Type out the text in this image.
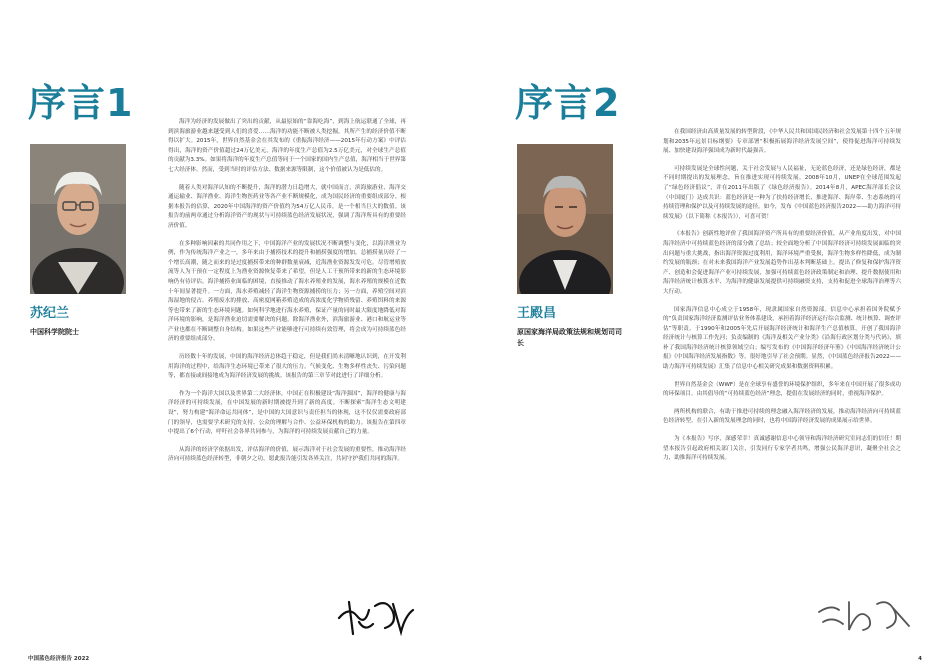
序言1
苏纪兰
中国科学院院士

海洋为经济的发展做出了突出的贡献，从最原始的“靠海吃海”，到海上航运联通了全球，再到滨海旅游业越来越受到人们的喜爱……海洋的功能不断被人类挖掘，其所产生的经济价值不断得以扩大。2015年，世界自然基金会在其发布的《重振海洋经济——2015年行动方案》中评估得出，海洋的资产价值超过24万亿美元，海洋的年度生产总值为2.5万亿美元，对全球生产总值的贡献为3.3%。如果将海洋的年度生产总值等同于一个国家的国内生产总值，海洋相当于世界第七大经济体。然而，受到当时的评估方法、数据来源等限制，这个价值被认为是低估的。

随着人类对海洋认知的不断提升，海洋的潜力日趋增大，就中国而言，滨海旅游业、海洋交通运输业、海洋渔业、海洋生物医药业等各产业不断规模化，成为国民经济的重要组成部分。根据本报告的估算，2020年中国海洋的资产价值约为54万亿人民币，是一个相当巨大的数值。该报告的前两章通过分析海洋资产的现状与可持续蓝色经济发展状况，强调了海洋所具有的重要经济价值。

在多种影响因素的共同作用之下，中国海洋产业的发展状况不断调整与变化，以海洋渔业为例，作为传统海洋产业之一，多年来由于捕捞技术的提升和捕捞强度的增加，总捕捞量历经了一个增长高潮，随之而来的是过度捕捞带来的种群数量衰减，近海渔业资源发发可危。尽管增殖放流等人为干预在一定程度上为渔业资源恢复带来了希望，但是人工干预所带来的新的生态环境影响仍有待评估。海洋捕捞业面临的困境，直接推动了海水养殖业的发展，海水养殖的规模在近数十年间显著提升。一方面，海水养殖减轻了海洋生物资源捕捞的压力；另一方面，养殖空间对滨海湿地的侵占、养殖废水的排放、高密度网箱养殖造成的高浓度化学物质残留、养殖饵料的来源等也带来了新的生态环境问题。如何科学地进行海水养殖，保证产量的同时最大限度地降低对海洋环境的影响，是海洋渔业迫切需要解决的问题。除海洋渔业外，滨海旅游业、港口和航运业等产业也都在不断调整自身结构。如果这些产业能够进行可持续有效管理，将会成为可持续蓝色经济的重要组成部分。

历经数十年的发展，中国的海洋经济总体趋于稳定，但是我们尚未清晰地认识到，在开发利用海洋的过程中，给海洋生态环境已带来了很大的压力。气候变化、生物多样性丧失、污染问题等，都直接或间接地成为海洋经济发展的挑战。该报告的第三章节对此进行了详细分析。

作为一个海洋大国以及世界第二大经济体，中国正在积极建设“海洋强国”，海洋的健康与海洋经济的可持续发展，在中国发展的新时期被提升到了新的高度。不断探索“海洋生态文明建设”，努力构建“海洋命运共同体”，是中国的大国意识与责任担当的体现，这不仅仅需要政府部门的领导，也需要学术研究的支持、公众的理解与合作、公益环保机构的助力。该报告在第四章中提出了6个行动，呼吁社会各界共同参与，为海洋的可持续发展贡献自己的力量。

从海洋的经济学依据出发，评估海洋的价值，展示海洋对于社会发展的重要性，推动海洋经济向可持续蓝色经济转型，非朝夕之功，愿此报告能引发各界关注，共同守护我们共同的海洋。

中国蓝色经济报告 2022
序言2
王殿昌
原国家海洋局政策法规和规划司司长

在我国经济由高质量发展的转型阶段，《中华人民共和国国民经济和社会发展第十四个五年规划和2035年远景目标纲要》专章部署“积极拓展海洋经济发展空间”，使得促进海洋可持续发展、加快建设海洋强国成为新时代最强音。

可持续发展是全球性问题，关于社会发展与人民福祉，无论蓝色经济，还是绿色经济，都是不同时期提出的发展理念，旨在推进实现可持续发展。2008年10月，UNEP在全球范围发起了“绿色经济倡议”，并在2011年出版了《绿色经济报告》。2014年8月，APEC海洋部长会议（中国厦门）达成共识：蓝色经济是一种为了扶持经济增长，推进海洋、海岸带、生态系统的可持续管理和保护以及可持续发展的途径。如今，发布《中国蓝色经济报告2022——助力海洋可持续发展》（以下简称《本报告》），可喜可贺！

《本报告》创新性地评价了我国海洋资产所具有的重要经济价值，从产业角度出发，对中国海洋经济中可持续蓝色经济的部分做了总结；较全面地分析了中国海洋经济可持续发展面临的突出问题与重大挑战，指出海洋资源过度利用，海洋环境严重受损，海洋生物多样性降低，成为制约发展的瓶颈；在对未来我国海洋产业发展趋势作出基本判断基础上，提出了修复和保护海洋资产、创造和会促进海洋产业可持续发展，加强可持续蓝色经济政策制定和治理、提升数据使用和海洋经济统计核算水平、为海洋的健康发展提供可持续融资支持，支持和促进全球海洋治理等六大行动。

国家海洋信息中心成立于1958年，现隶属国家自然资源部。信息中心承担着国务院赋予的“负责国家海洋经济监测评估业务体系建设，承担着海洋经济运行综合监测、统计核算、调查评估”等职责。于1990年和2005年先后开展海洋经济统计和海洋生产总值核算。开创了我国海洋经济统计与核算工作先河；负责编制的《海洋及相关产业分类》《沿海行政区划分类与代码》，填补了我国海洋经济统计核算领域空白；编写发布的《中国海洋经济年鉴》《中国海洋经济统计公报》《中国海洋经济发展指数》等，很好地引导了社会预期。显然，《中国蓝色经济报告2022——助力海洋可持续发展》汇集了信息中心相关研究成果和数据资料积累。

世界自然基金会（WWF）是在全球享有盛誉的环境保护组织，多年来在中国开展了很多成功的环保项目。由其倡导的“可持续蓝色经济”理念，提倡在发展经济的同时，重视海洋保护。

两所机构的联合，有助于推进可持续的理念融入海洋经济的发展，推动海洋经济向可持续蓝色经济转型。在引入新的发展理念的同时，也将中国海洋经济发展的成果展示给世界。

为《本报告》写序，深感荣幸！真诚感谢信息中心领导和海洋经济研究室同志们的信任！期望本报告引起政府相关部门关注，引发同行专家学者共鸣，增强公民海洋意识，凝聚全社会之力，助推海洋可持续发展。

4
